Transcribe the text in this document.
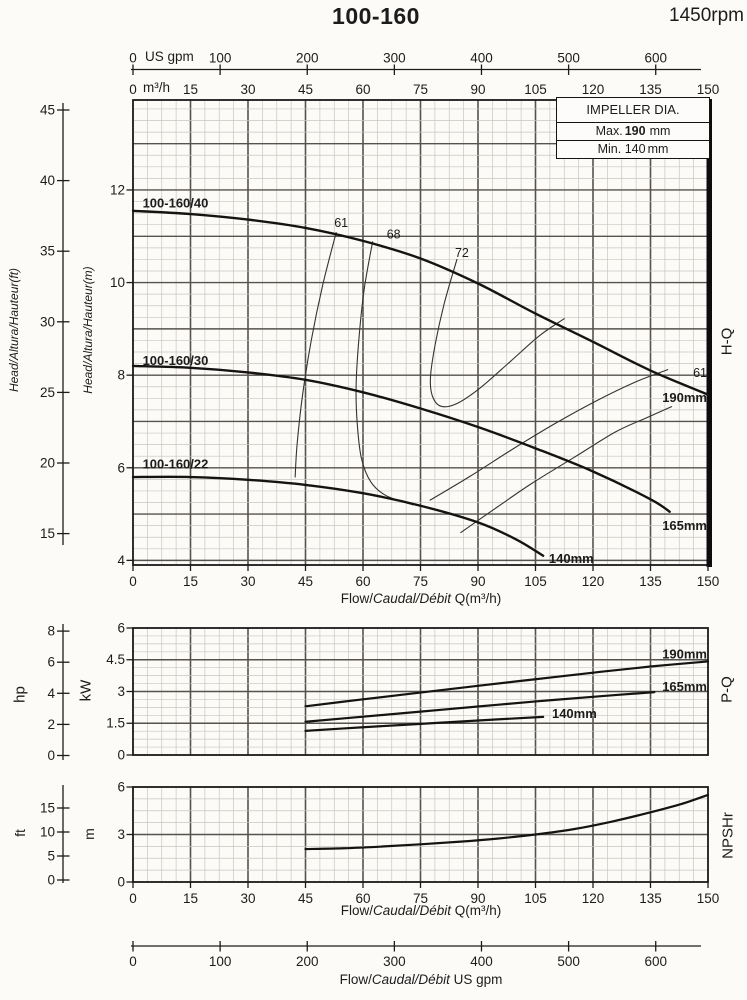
61
68
72
61
100-160/40
190mm
100-160/30
165mm
100-160/22
140mm
4
6
8
10
12
15
20
25
30
35
40
45
0	15	30	45	60	75	90	105	120	135	150
0	15	30	45	60	75	90	105	120	135	150
0	100	200	300	400	500	600
190mm
165mm
140mm
0
1.5
3
4.5
6
0
2
4
6
8
0
3
6
0
5
10
15
0	15	30	45	60	75	90	105	120	135	150
0	100	200	300	400	500	600
100-160	1450rpm
US gpm
m³/h
IMPELLER DIA.
Max. 190 mm
Min. 140 mm
Head/Altura/Hauteur(ft)	Head/Altura/Hauteur(m)
hp	kW
ft	m
H-Q
P-Q
NPSHr
Flow/Caudal/Débit Q(m³/h)
Flow/Caudal/Débit Q(m³/h)
Flow/Caudal/Débit US gpm
